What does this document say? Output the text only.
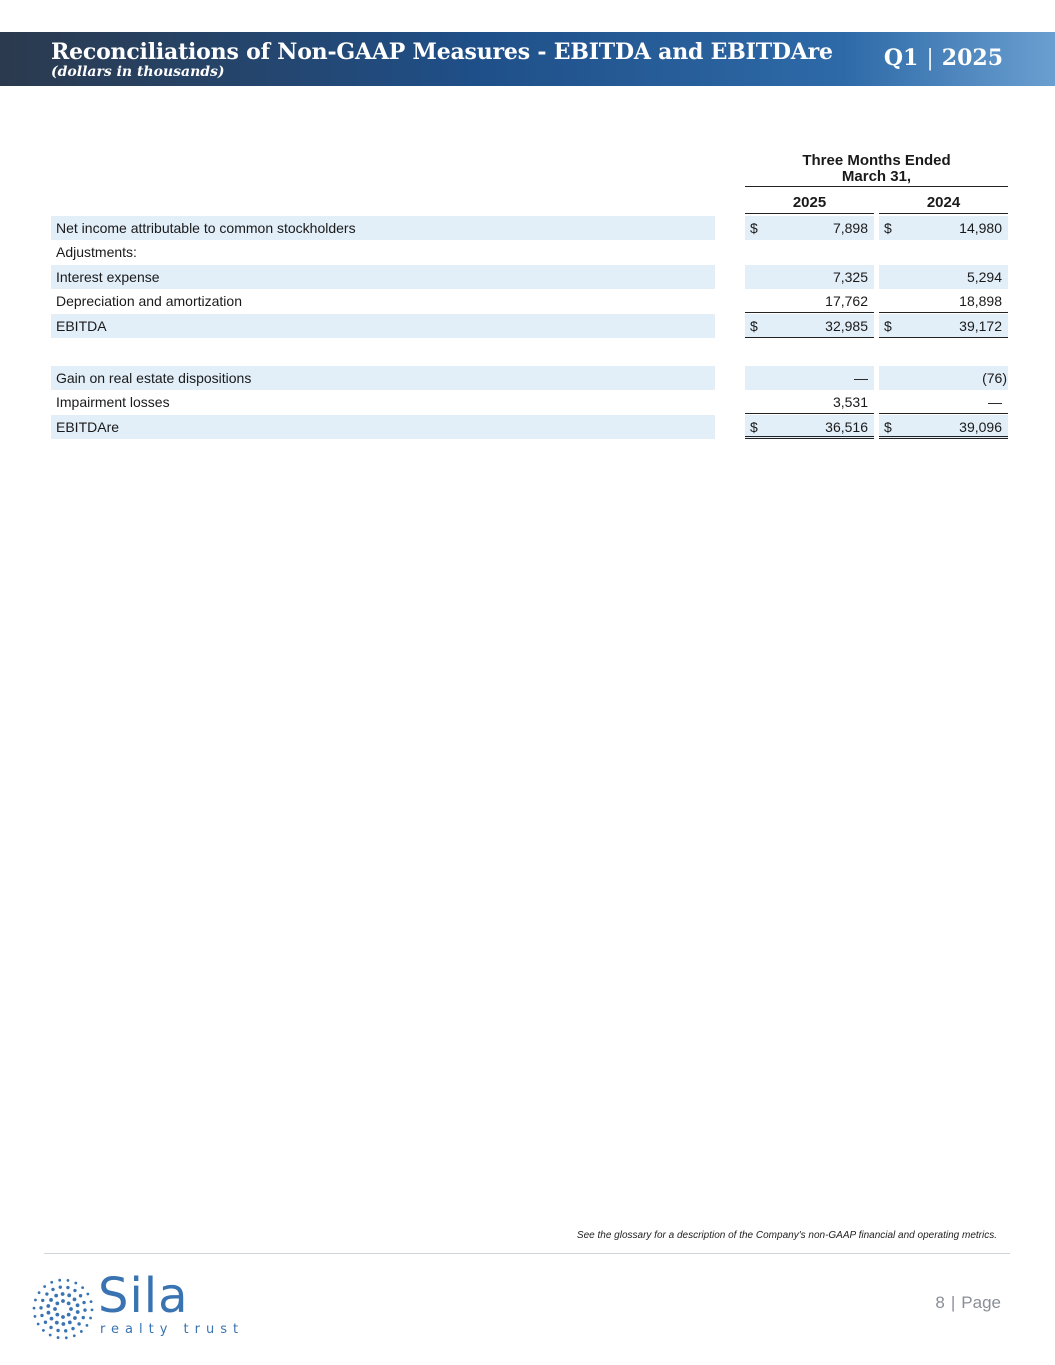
Reconciliations of Non-GAAP Measures - EBITDA and EBITDAre
(dollars in thousands)
Q1 | 2025
Three Months Ended
March 31,
2025	2024
Net income attributable to common stockholders	$	7,898 $	14,980
Adjustments:
Interest expense	7,325	5,294
Depreciation and amortization	17,762	18,898
EBITDA	$	32,985 $	39,172
Gain on real estate dispositions	—	(76)
Impairment losses	3,531	—
EBITDAre	$	36,516 $	39,096
See the glossary for a description of the Company's non-GAAP financial and operating metrics.
Sila
realty trust
8 | Page
